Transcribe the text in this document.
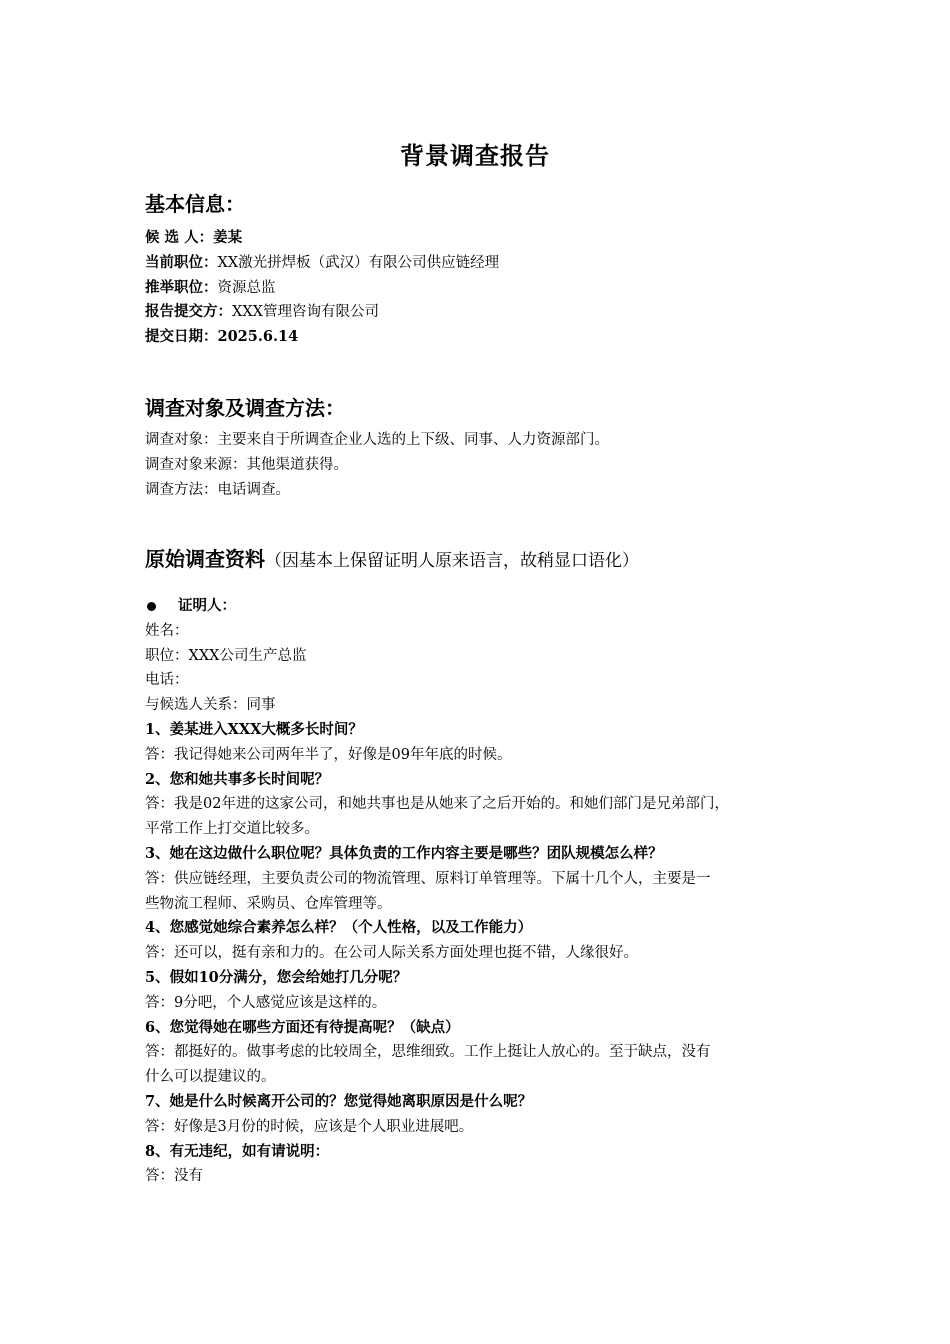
背景调查报告
基本信息：
候 选 人：姜某
当前职位：XX激光拼焊板（武汉）有限公司供应链经理
推举职位：资源总监
报告提交方：XXX管理咨询有限公司
提交日期：2025.6.14
调查对象及调查方法：
调查对象：主要来自于所调查企业人选的上下级、同事、人力资源部门。
调查对象来源：其他渠道获得。
调查方法：电话调查。
原始调查资料（因基本上保留证明人原来语言，故稍显口语化）
证明人：
姓名：
职位：XXX公司生产总监
电话：
与候选人关系：同事
1、姜某进入XXX大概多长时间？
答：我记得她来公司两年半了，好像是09年年底的时候。
2、您和她共事多长时间呢？
答：我是02年进的这家公司，和她共事也是从她来了之后开始的。和她们部门是兄弟部门，
平常工作上打交道比较多。
3、她在这边做什么职位呢？具体负责的工作内容主要是哪些？团队规模怎么样？
答：供应链经理，主要负责公司的物流管理、原料订单管理等。下属十几个人，主要是一
些物流工程师、采购员、仓库管理等。
4、您感觉她综合素养怎么样？（个人性格，以及工作能力）
答：还可以，挺有亲和力的。在公司人际关系方面处理也挺不错，人缘很好。
5、假如10分满分，您会给她打几分呢？
答：9分吧，个人感觉应该是这样的。
6、您觉得她在哪些方面还有待提高呢？（缺点）
答：都挺好的。做事考虑的比较周全，思维细致。工作上挺让人放心的。至于缺点，没有
什么可以提建议的。
7、她是什么时候离开公司的？您觉得她离职原因是什么呢？
答：好像是3月份的时候，应该是个人职业进展吧。
8、有无违纪，如有请说明：
答：没有
